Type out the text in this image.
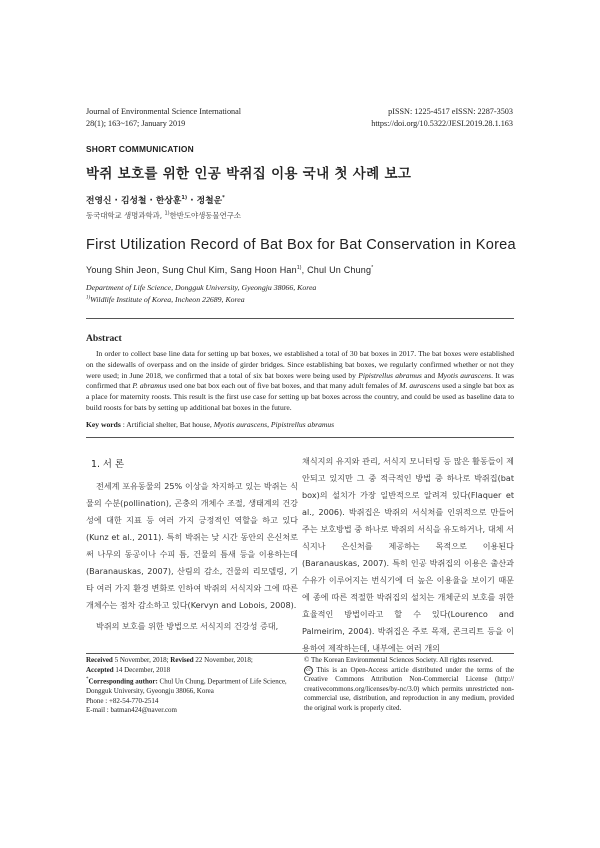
Journal of Environmental Science International
28(1); 163~167; January 2019
pISSN: 1225-4517 eISSN: 2287-3503
https://doi.org/10.5322/JESI.2019.28.1.163
SHORT COMMUNICATION
박쥐 보호를 위한 인공 박쥐집 이용 국내 첫 사례 보고
전영신 · 김성철 · 한상훈$^{1)}$ · 정철운*
동국대학교 생명과학과, $^{1)}$한반도야생동물연구소
First Utilization Record of Bat Box for Bat Conservation in Korea
Young Shin Jeon, Sung Chul Kim, Sang Hoon Han$^{1)}$, Chul Un Chung*
Department of Life Science, Dongguk University, Gyeongju 38066, Korea
$^{1)}$Wildlife Institute of Korea, Incheon 22689, Korea
Abstract
In order to collect base line data for setting up bat boxes, we established a total of 30 bat boxes in 2017. The bat boxes were established on the sidewalls of overpass and on the inside of girder bridges. Since establishing bat boxes, we regularly confirmed whether or not they were used; in June 2018, we confirmed that a total of six bat boxes were being used by Pipistrellus abramus and Myotis aurascens. It was confirmed that P. abramus used one bat box each out of five bat boxes, and that many adult females of M. aurascens used a single bat box as a place for maternity roosts. This result is the first use case for setting up bat boxes across the country, and could be used as baseline data to build roosts for bats by setting up additional bat boxes in the future.
Key words : Artificial shelter, Bat house, Myotis aurascens, Pipistrellus abramus
1. 서 론

전세계 포유동물의 25% 이상을 차지하고 있는 박쥐는 식물의 수분(pollination), 곤충의 개체수 조절, 생태계의 건강성에 대한 지표 등 여러 가지 긍정적인 역할을 하고 있다(Kunz et al., 2011). 특히 박쥐는 낮 시간 동안의 은신처로써 나무의 동공이나 수피 틈, 건물의 틈새 등을 이용하는데(Baranauskas, 2007), 산림의 감소, 건물의 리모델링, 기타 여러 가지 환경 변화로 인하여 박쥐의 서식지와 그에 따른 개체수는 점차 감소하고 있다(Kervyn and Lobois, 2008).

박쥐의 보호를 위한 방법으로 서식지의 건강성 증대,

채식지의 유지와 관리, 서식지 모니터링 등 많은 활동들이 제안되고 있지만 그 중 적극적인 방법 중 하나로 박쥐집(bat box)의 설치가 가장 일반적으로 알려져 있다(Flaquer et al., 2006). 박쥐집은 박쥐의 서식처를 인위적으로 만들어 주는 보호방법 중 하나로 박쥐의 서식을 유도하거나, 대체 서식지나 은신처를 제공하는 목적으로 이용된다(Baranauskas, 2007). 특히 인공 박쥐집의 이용은 출산과 수유가 이루어지는 번식기에 더 높은 이용율을 보이기 때문에 종에 따른 적절한 박쥐집의 설치는 개체군의 보호를 위한 효율적인 방법이라고 할 수 있다(Lourenco and Palmeirim, 2004). 박쥐집은 주로 목재, 콘크리트 등을 이용하여 제작하는데, 내부에는 여러 개의

Received 5 November, 2018; Revised 22 November, 2018;
Accepted 14 December, 2018
*Corresponding author: Chul Un Chung, Department of Life Science, Dongguk University, Gyeongju 38066, Korea
Phone : +82-54-770-2514
E-mail : batman424@naver.com
© The Korean Environmental Sciences Society. All rights reserved.
cc This is an Open-Access article distributed under the terms of the Creative Commons Attribution Non-Commercial License (http:// creativecommons.org/licenses/by-nc/3.0) which permits unrestricted non-commercial use, distribution, and reproduction in any medium, provided the original work is properly cited.
